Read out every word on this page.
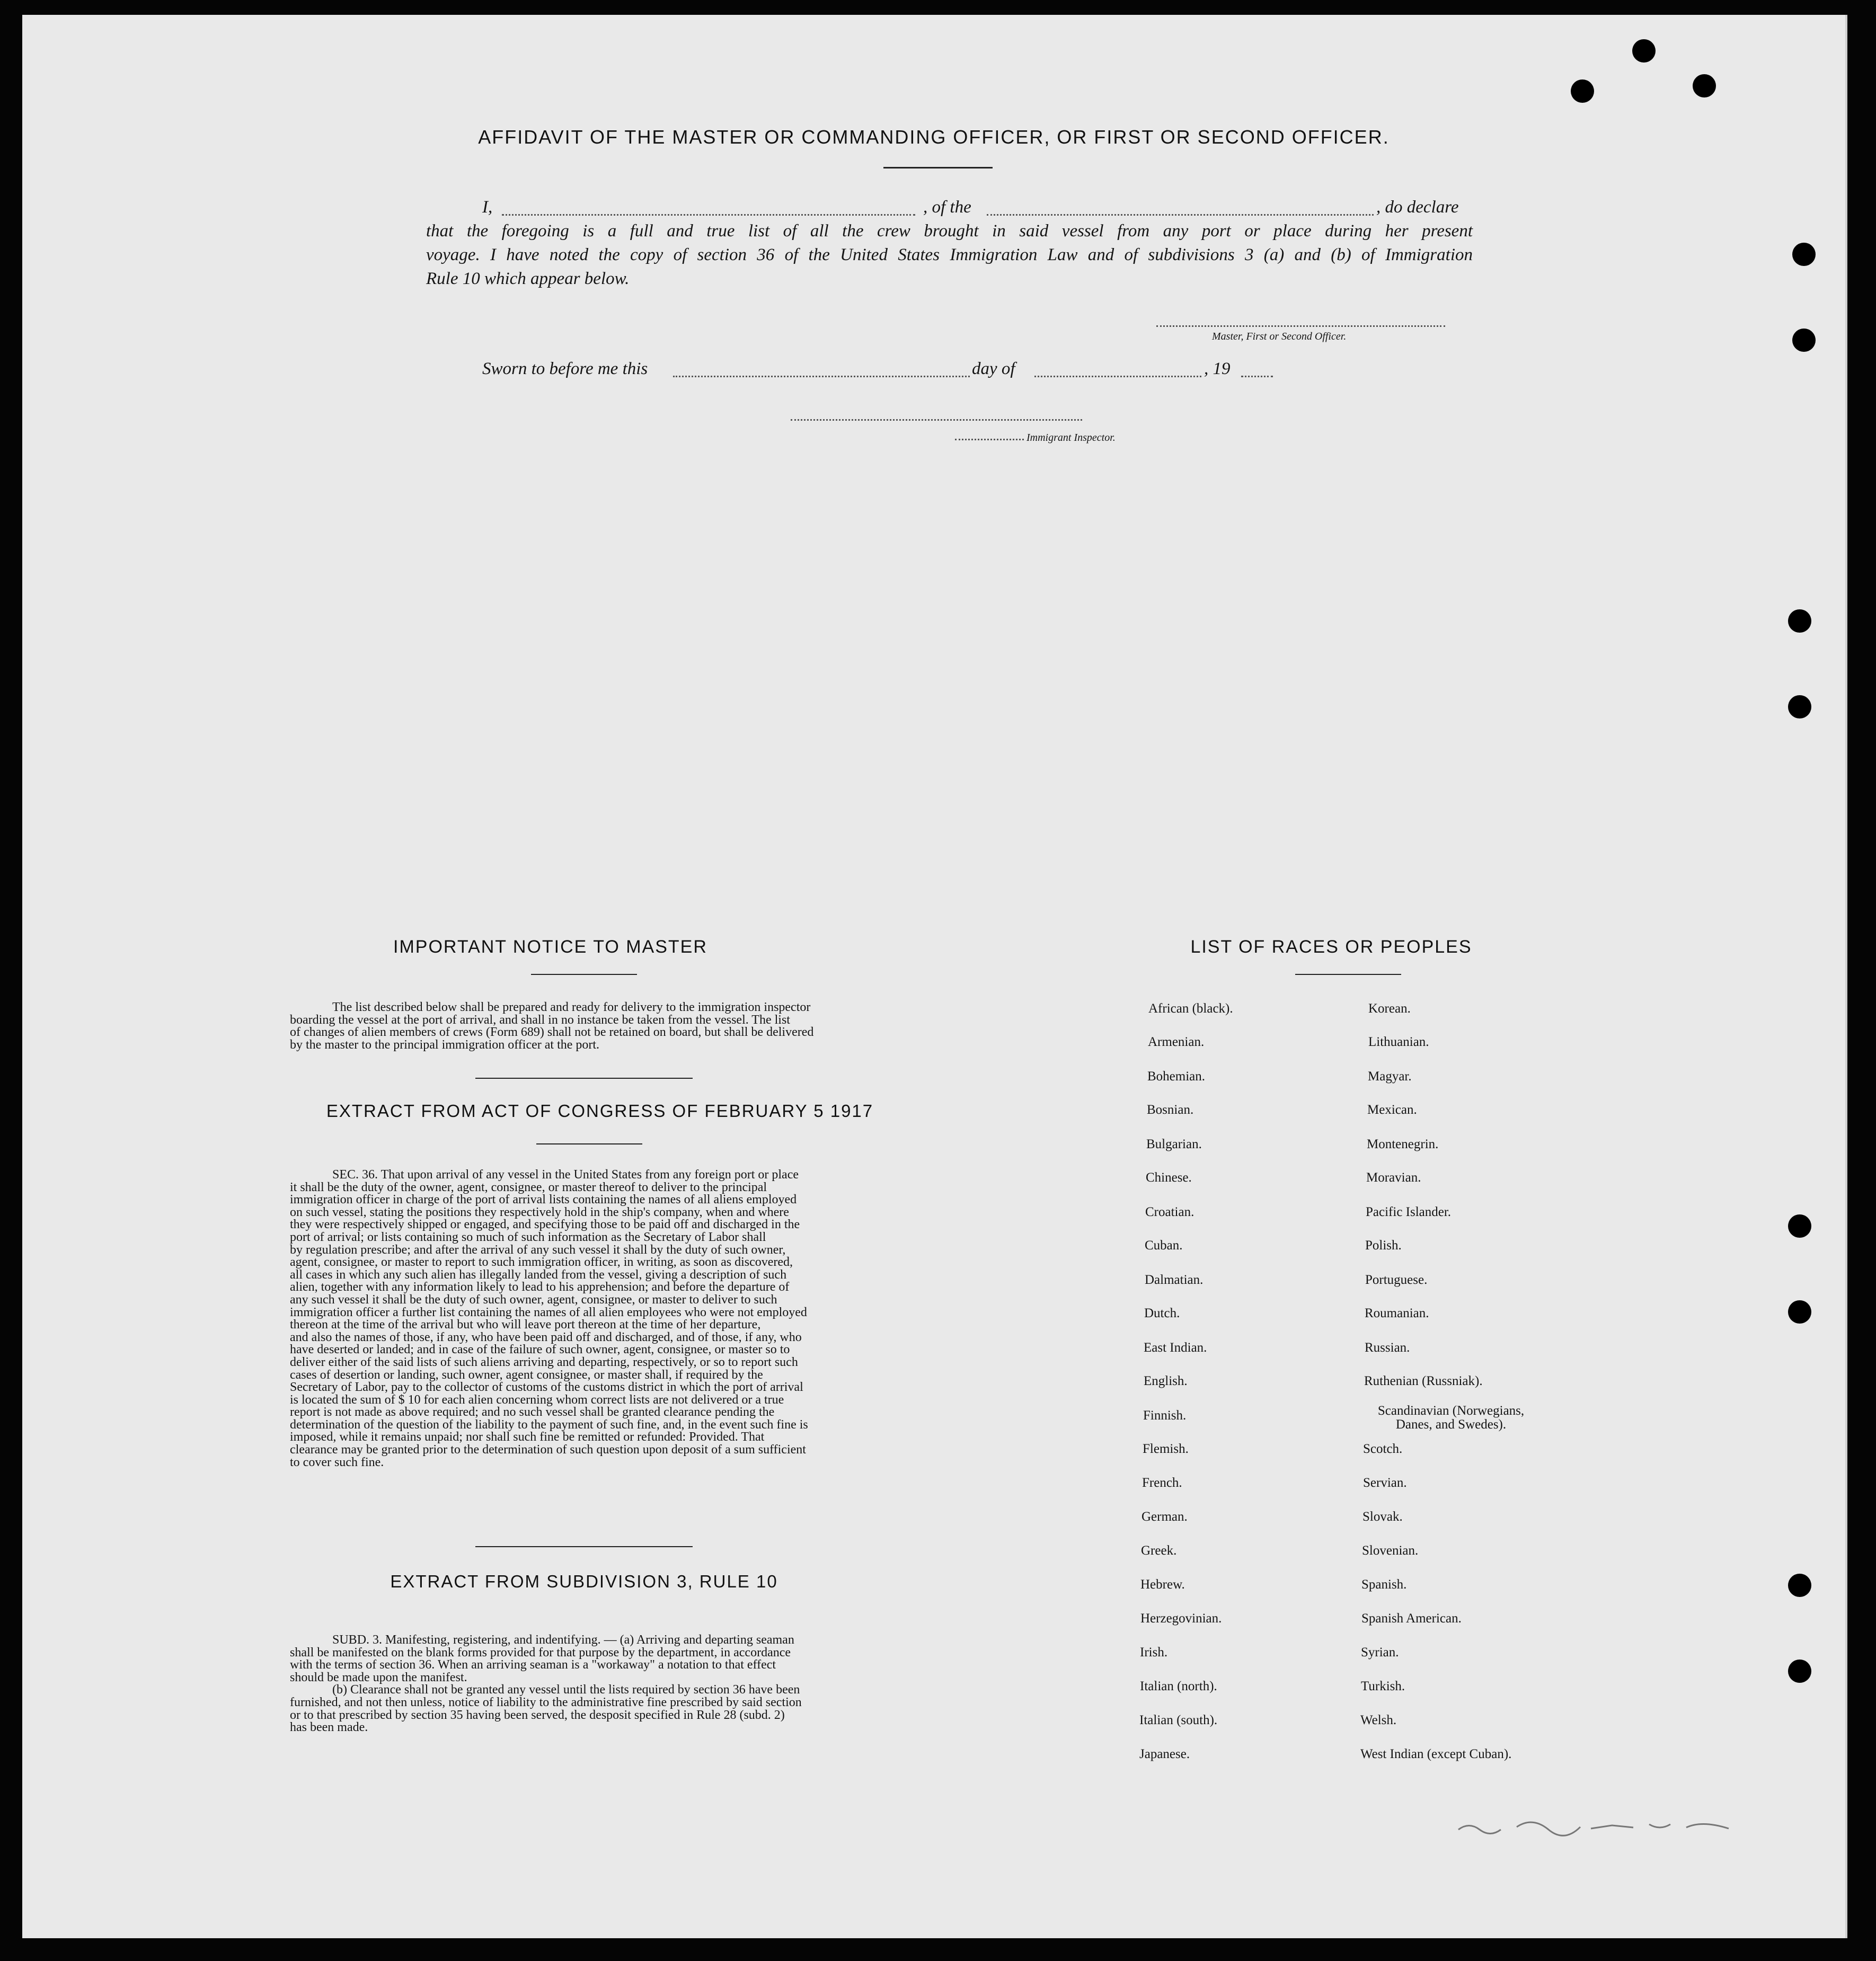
AFFIDAVIT OF THE MASTER OR COMMANDING OFFICER, OR FIRST OR SECOND OFFICER.
I,	, of the	, do declare
that the foregoing is a full and true list of all the crew brought in said vessel from any port or place during her present
voyage. I have noted the copy of section 36 of the United States Immigration Law and of subdivisions 3 (a) and (b) of Immigration
Rule 10 which appear below.
Master, First or Second Officer.
Sworn to before me this	day of	, 19
Immigrant Inspector.
IMPORTANT NOTICE TO MASTER
The list described below shall be prepared and ready for delivery to the immigration inspector
boarding the vessel at the port of arrival, and shall in no instance be taken from the vessel. The list
of changes of alien members of crews (Form 689) shall not be retained on board, but shall be delivered
by the master to the principal immigration officer at the port.
EXTRACT FROM ACT OF CONGRESS OF FEBRUARY 5 1917
SEC. 36. That upon arrival of any vessel in the United States from any foreign port or place
it shall be the duty of the owner, agent, consignee, or master thereof to deliver to the principal
immigration officer in charge of the port of arrival lists containing the names of all aliens employed
on such vessel, stating the positions they respectively hold in the ship's company, when and where
they were respectively shipped or engaged, and specifying those to be paid off and discharged in the
port of arrival; or lists containing so much of such information as the Secretary of Labor shall
by regulation prescribe; and after the arrival of any such vessel it shall by the duty of such owner,
agent, consignee, or master to report to such immigration officer, in writing, as soon as discovered,
all cases in which any such alien has illegally landed from the vessel, giving a description of such
alien, together with any information likely to lead to his apprehension; and before the departure of
any such vessel it shall be the duty of such owner, agent, consignee, or master to deliver to such
immigration officer a further list containing the names of all alien employees who were not employed
thereon at the time of the arrival but who will leave port thereon at the time of her departure,
and also the names of those, if any, who have been paid off and discharged, and of those, if any, who
have deserted or landed; and in case of the failure of such owner, agent, consignee, or master so to
deliver either of the said lists of such aliens arriving and departing, respectively, or so to report such
cases of desertion or landing, such owner, agent consignee, or master shall, if required by the
Secretary of Labor, pay to the collector of customs of the customs district in which the port of arrival
is located the sum of $ 10 for each alien concerning whom correct lists are not delivered or a true
report is not made as above required; and no such vessel shall be granted clearance pending the
determination of the question of the liability to the payment of such fine, and, in the event such fine is
imposed, while it remains unpaid; nor shall such fine be remitted or refunded: Provided. That
clearance may be granted prior to the determination of such question upon deposit of a sum sufficient
to cover such fine.
EXTRACT FROM SUBDIVISION 3, RULE 10
SUBD. 3. Manifesting, registering, and indentifying. — (a) Arriving and departing seaman
shall be manifested on the blank forms provided for that purpose by the department, in accordance
with the terms of section 36. When an arriving seaman is a "workaway" a notation to that effect
should be made upon the manifest.
(b) Clearance shall not be granted any vessel until the lists required by section 36 have been
furnished, and not then unless, notice of liability to the administrative fine prescribed by said section
or to that prescribed by section 35 having been served, the desposit specified in Rule 28 (subd. 2)
has been made.
LIST OF RACES OR PEOPLES
African (black).
Armenian.
Bohemian.
Bosnian.
Bulgarian.
Chinese.
Croatian.
Cuban.
Dalmatian.
Dutch.
East Indian.
English.
Finnish.
Flemish.
French.
German.
Greek.
Hebrew.
Herzegovinian.
Irish.
Italian (north).
Italian (south).
Japanese.
Korean.
Lithuanian.
Magyar.
Mexican.
Montenegrin.
Moravian.
Pacific Islander.
Polish.
Portuguese.
Roumanian.
Russian.
Ruthenian (Russniak).
Scandinavian (Norwegians,
Danes, and Swedes).
Scotch.
Servian.
Slovak.
Slovenian.
Spanish.
Spanish American.
Syrian.
Turkish.
Welsh.
West Indian (except Cuban).
